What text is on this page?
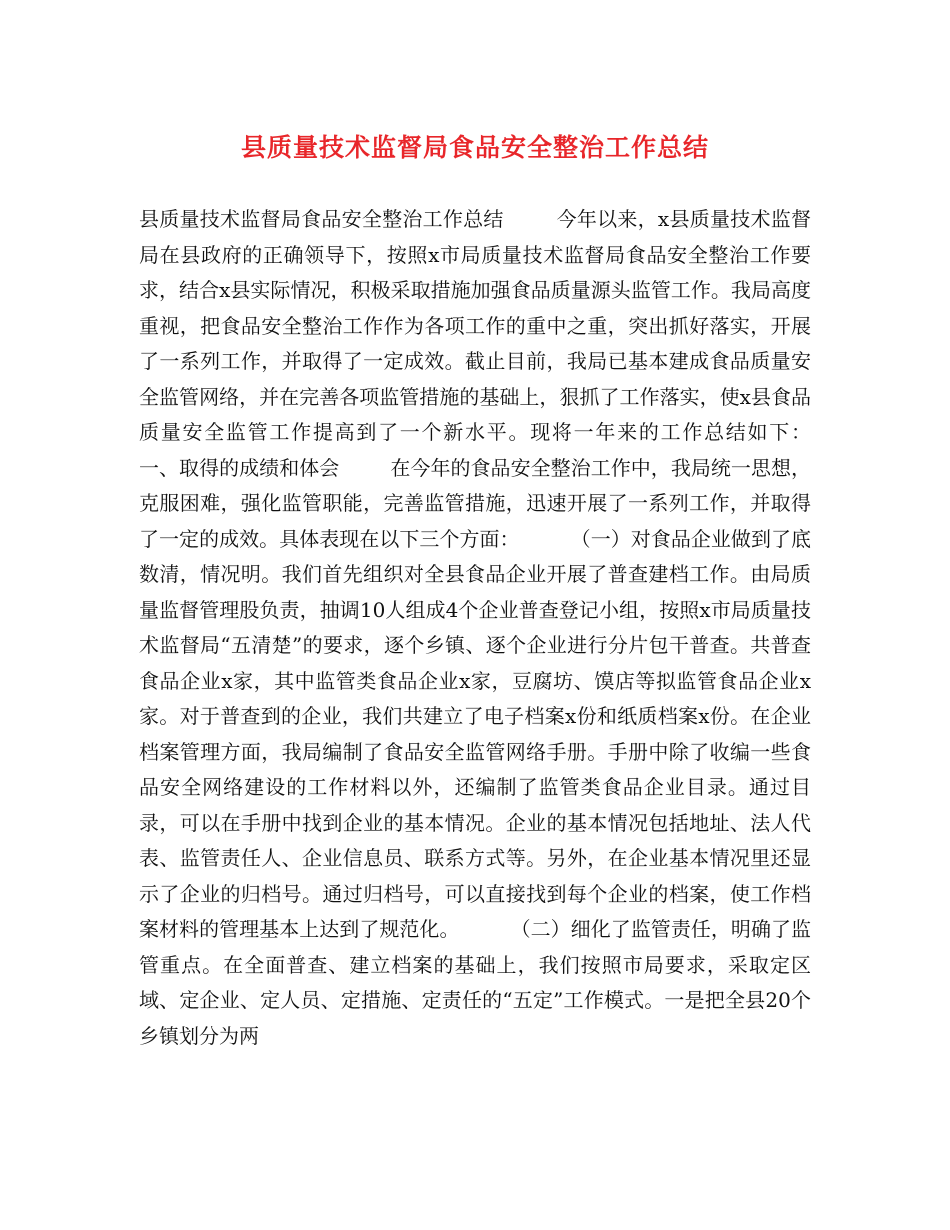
县质量技术监督局食品安全整治工作总结

县质量技术监督局食品安全整治工作总结        今年以来，x县质量技术监督局在县政府的正确领导下，按照x市局质量技术监督局食品安全整治工作要求，结合x县实际情况，积极采取措施加强食品质量源头监管工作。我局高度重视，把食品安全整治工作作为各项工作的重中之重，突出抓好落实，开展了一系列工作，并取得了一定成效。截止目前，我局已基本建成食品质量安全监管网络，并在完善各项监管措施的基础上，狠抓了工作落实，使x县食品质量安全监管工作提高到了一个新水平。现将一年来的工作总结如下：        一、取得的成绩和体会        在今年的食品安全整治工作中，我局统一思想，克服困难，强化监管职能，完善监管措施，迅速开展了一系列工作，并取得了一定的成效。具体表现在以下三个方面：        （一）对食品企业做到了底数清，情况明。我们首先组织对全县食品企业开展了普查建档工作。由局质量监督管理股负责，抽调10人组成4个企业普查登记小组，按照x市局质量技术监督局“五清楚”的要求，逐个乡镇、逐个企业进行分片包干普查。共普查食品企业x家，其中监管类食品企业x家，豆腐坊、馍店等拟监管食品企业x家。对于普查到的企业，我们共建立了电子档案x份和纸质档案x份。在企业档案管理方面，我局编制了食品安全监管网络手册。手册中除了收编一些食品安全网络建设的工作材料以外，还编制了监管类食品企业目录。通过目录，可以在手册中找到企业的基本情况。企业的基本情况包括地址、法人代表、监管责任人、企业信息员、联系方式等。另外，在企业基本情况里还显示了企业的归档号。通过归档号，可以直接找到每个企业的档案，使工作档案材料的管理基本上达到了规范化。        （二）细化了监管责任，明确了监管重点。在全面普查、建立档案的基础上，我们按照市局要求，采取定区域、定企业、定人员、定措施、定责任的“五定”工作模式。一是把全县20个乡镇划分为两
